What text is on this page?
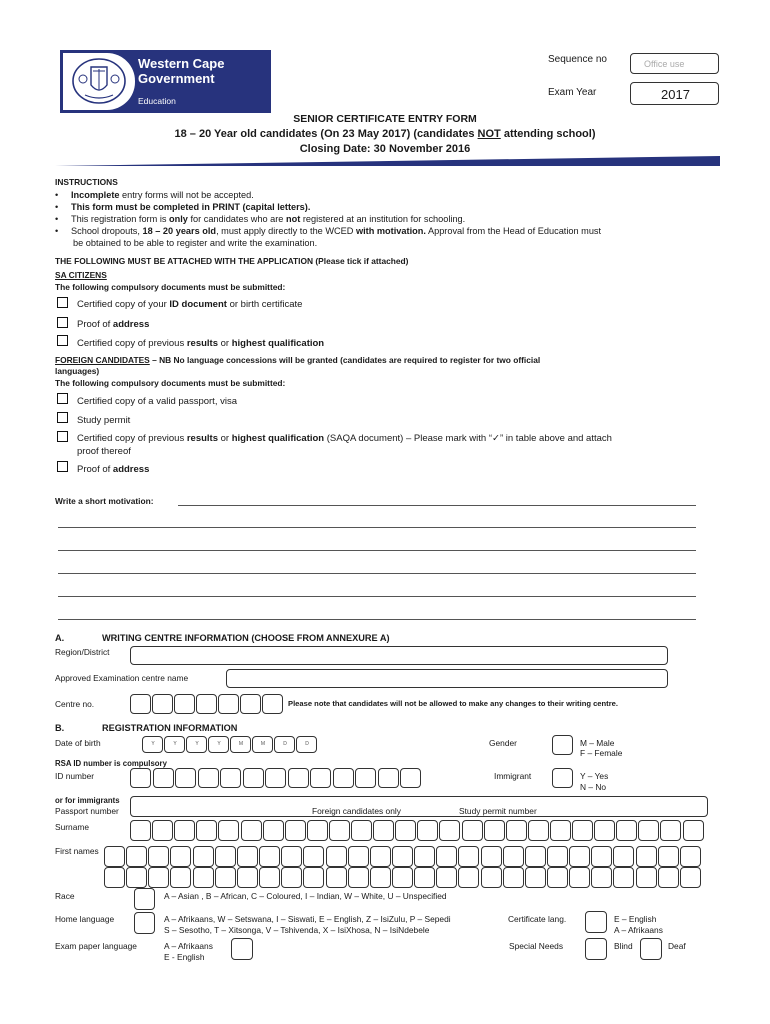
Western Cape
Government
Education
Sequence no	Office use
Exam Year	2017
SENIOR CERTIFICATE ENTRY FORM
18 – 20 Year old candidates (On 23 May 2017) (candidates NOT attending school)
Closing Date: 30 November 2016
INSTRUCTIONS
•     Incomplete entry forms will not be accepted.
•     This form must be completed in PRINT (capital letters).
•     This registration form is only for candidates who are not registered at an institution for schooling.
•     School dropouts, 18 – 20 years old, must apply directly to the WCED with motivation. Approval from the Head of Education must
be obtained to be able to register and write the examination.
THE FOLLOWING MUST BE ATTACHED WITH THE APPLICATION (Please tick if attached)
SA CITIZENS
The following compulsory documents must be submitted:
Certified copy of your ID document or birth certificate
Proof of address
Certified copy of previous results or highest qualification
FOREIGN CANDIDATES – NB No language concessions will be granted (candidates are required to register for two official
languages)
The following compulsory documents must be submitted:
Certified copy of a valid passport, visa
Study permit
Certified copy of previous results or highest qualification (SAQA document) – Please mark with “✓” in table above and attach
proof thereof
Proof of address
Write a short motivation:
A.	WRITING CENTRE INFORMATION (CHOOSE FROM ANNEXURE A)
Region/District
Approved Examination centre name
Centre no.	Please note that candidates will not be allowed to make any changes to their writing centre.
B.	REGISTRATION INFORMATION
Date of birth	Y	Y	Y	Y	M	M	D	D	Gender	M – Male
F – Female
RSA ID number is compulsory
ID number	Immigrant	Y – Yes
N – No
or for immigrants
Passport number	Foreign candidates only	Study permit number
Surname
First names
Race	A – Asian , B – African, C – Coloured, I – Indian, W – White, U – Unspecified
Home language	A – Afrikaans, W – Setswana, I – Siswati, E – English, Z – IsiZulu, P – Sepedi
S – Sesotho, T – Xitsonga, V – Tshivenda, X – IsiXhosa, N – IsiNdebele
Certificate lang.	E – English
A – Afrikaans
Exam paper language	A – Afrikaans
E - English
Special Needs	Blind	Deaf
